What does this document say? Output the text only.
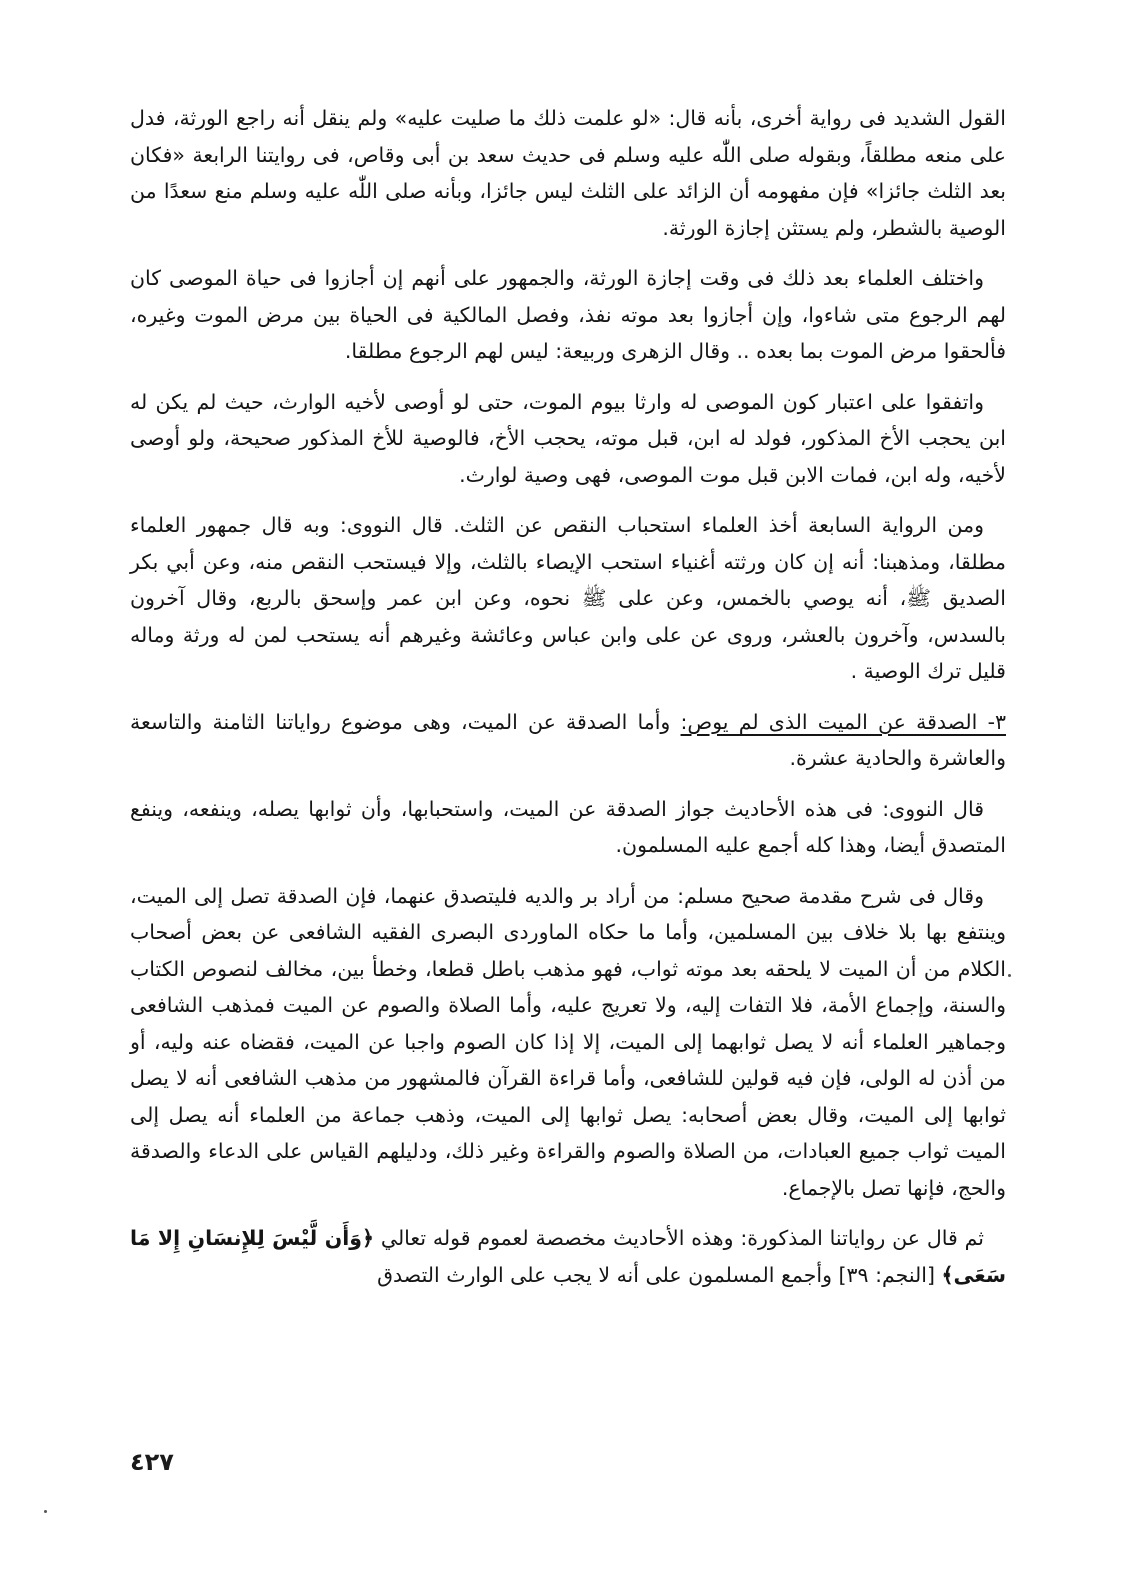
القول الشديد فى رواية أخرى، بأنه قال: «لو علمت ذلك ما صليت عليه» ولم ينقل أنه راجع الورثة، فدل على منعه مطلقاً، وبقوله صلى اللّٰه عليه وسلم فى حديث سعد بن أبى وقاص، فى روايتنا الرابعة «فكان بعد الثلث جائزا» فإن مفهومه أن الزائد على الثلث ليس جائزا، وبأنه صلى اللّٰه عليه وسلم منع سعدًا من الوصية بالشطر، ولم يستثن إجازة الورثة.

واختلف العلماء بعد ذلك فى وقت إجازة الورثة، والجمهور على أنهم إن أجازوا فى حياة الموصى كان لهم الرجوع متى شاءوا، وإن أجازوا بعد موته نفذ، وفصل المالكية فى الحياة بين مرض الموت وغيره، فألحقوا مرض الموت بما بعده .. وقال الزهرى وربيعة: ليس لهم الرجوع مطلقا.

واتفقوا على اعتبار كون الموصى له وارثا بيوم الموت، حتى لو أوصى لأخيه الوارث، حيث لم يكن له ابن يحجب الأخ المذكور، فولد له ابن، قبل موته، يحجب الأخ، فالوصية للأخ المذكور صحيحة، ولو أوصى لأخيه، وله ابن، فمات الابن قبل موت الموصى، فهى وصية لوارث.

ومن الرواية السابعة أخذ العلماء استحباب النقص عن الثلث. قال النووى: وبه قال جمهور العلماء مطلقا، ومذهبنا: أنه إن كان ورثته أغنياء استحب الإيصاء بالثلث، وإلا فيستحب النقص منه، وعن أبي بكر الصديق ﷺ، أنه يوصي بالخمس، وعن على ﷺ نحوه، وعن ابن عمر وإسحق بالربع، وقال آخرون بالسدس، وآخرون بالعشر، وروى عن على وابن عباس وعائشة وغيرهم أنه يستحب لمن له ورثة وماله قليل ترك الوصية .

٣- الصدقة عن الميت الذى لم يوص: وأما الصدقة عن الميت، وهى موضوع رواياتنا الثامنة والتاسعة والعاشرة والحادية عشرة.

قال النووى: فى هذه الأحاديث جواز الصدقة عن الميت، واستحبابها، وأن ثوابها يصله، وينفعه، وينفع المتصدق أيضا، وهذا كله أجمع عليه المسلمون.

وقال فى شرح مقدمة صحيح مسلم: من أراد بر والديه فليتصدق عنهما، فإن الصدقة تصل إلى الميت، وينتفع بها بلا خلاف بين المسلمين، وأما ما حكاه الماوردى البصرى الفقيه الشافعى عن بعض أصحاب الكلام من أن الميت لا يلحقه بعد موته ثواب، فهو مذهب باطل قطعا، وخطأ بين، مخالف لنصوص الكتاب والسنة، وإجماع الأمة، فلا التفات إليه، ولا تعريج عليه، وأما الصلاة والصوم عن الميت فمذهب الشافعى وجماهير العلماء أنه لا يصل ثوابهما إلى الميت، إلا إذا كان الصوم واجبا عن الميت، فقضاه عنه وليه، أو من أذن له الولى، فإن فيه قولين للشافعى، وأما قراءة القرآن فالمشهور من مذهب الشافعى أنه لا يصل ثوابها إلى الميت، وقال بعض أصحابه: يصل ثوابها إلى الميت، وذهب جماعة من العلماء أنه يصل إلى الميت ثواب جميع العبادات، من الصلاة والصوم والقراءة وغير ذلك، ودليلهم القياس على الدعاء والصدقة والحج، فإنها تصل بالإجماع.

ثم قال عن رواياتنا المذكورة: وهذه الأحاديث مخصصة لعموم قوله تعالي ﴿وَأَن لَّيْسَ لِلإِنسَانِ إِلا مَا سَعَى﴾ [النجم: ٣٩] وأجمع المسلمون على أنه لا يجب على الوارث التصدق

٤٢٧
